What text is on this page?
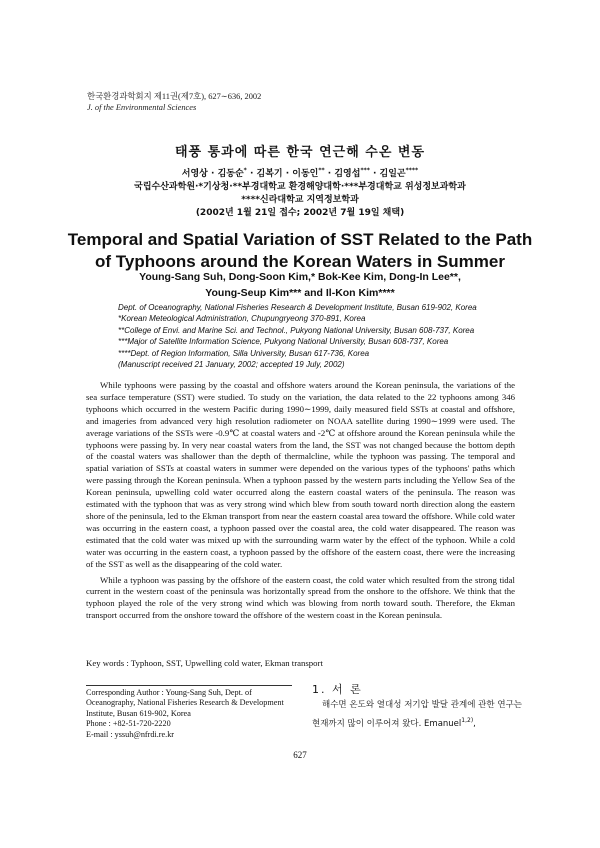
한국환경과학회지 제11권(제7호), 627∼636, 2002
J. of the Environmental Sciences
태풍 통과에 따른 한국 연근해 수온 변동
서영상 · 김동순* · 김복기 · 이동인** · 김영섭*** · 김일곤****
국립수산과학원·*기상청·**부경대학교 환경해양대학·***부경대학교 위성정보과학과
****신라대학교 지역정보학과
(2002년 1월 21일 접수; 2002년 7월 19일 채택)
Temporal and Spatial Variation of SST Related to the Path
of Typhoons around the Korean Waters in Summer
Young-Sang Suh, Dong-Soon Kim,* Bok-Kee Kim, Dong-In Lee**,
Young-Seup Kim*** and Il-Kon Kim****
Dept. of Oceanography, National Fisheries Research & Development Institute, Busan 619-902, Korea
*Korean Meteological Administration, Chupungryeong 370-891, Korea
**College of Envi. and Marine Sci. and Technol., Pukyong National University, Busan 608-737, Korea
***Major of Satellite Information Science, Pukyong National University, Busan 608-737, Korea
****Dept. of Region Information, Silla University, Busan 617-736, Korea
(Manuscript received 21 January, 2002; accepted 19 July, 2002)

While typhoons were passing by the coastal and offshore waters around the Korean peninsula, the variations of the sea surface temperature (SST) were studied. To study on the variation, the data related to the 22 typhoons among 346 typhoons which occurred in the western Pacific during 1990∼1999, daily measured field SSTs at coastal and offshore, and imageries from advanced very high resolution radiometer on NOAA satellite during 1990∼1999 were used. The average variations of the SSTs were -0.9℃ at coastal waters and -2℃ at offshore around the Korean peninsula while the typhoons were passing by. In very near coastal waters from the land, the SST was not changed because the bottom depth of the coastal waters was shallower than the depth of thermalcline, while the typhoon was passing. The temporal and spatial variation of SSTs at coastal waters in summer were depended on the various types of the typhoons' paths which were passing through the Korean peninsula. When a typhoon passed by the western parts including the Yellow Sea of the Korean peninsula, upwelling cold water occurred along the eastern coastal waters of the peninsula. The reason was estimated with the typhoon that was as very strong wind which blew from south toward north direction along the eastern shore of the peninsula, led to the Ekman transport from near the eastern coastal area toward the offshore. While cold water was occurring in the eastern coast, a typhoon passed over the coastal area, the cold water disappeared. The reason was estimated that the cold water was mixed up with the surrounding warm water by the effect of the typhoon. While a cold water was occurring in the eastern coast, a typhoon passed by the offshore of the eastern coast, there were the increasing of the SST as well as the disappearing of the cold water.

While a typhoon was passing by the offshore of the eastern coast, the cold water which resulted from the strong tidal current in the western coast of the peninsula was horizontally spread from the onshore to the offshore. We think that the typhoon played the role of the very strong wind which was blowing from north toward south. Therefore, the Ekman transport occurred from the onshore toward the offshore of the western coast in the Korean peninsula.

Key words : Typhoon, SST, Upwelling cold water, Ekman transport
Corresponding Author : Young-Sang Suh, Dept. of Oceanography, National Fisheries Research & Development Institute, Busan 619-902, Korea
Phone : +82-51-720-2220
E-mail : yssuh@nfrdi.re.kr
1. 서 론
해수면 온도와 열대성 저기압 발달 관계에 관한 연구는 현재까지 많이 이루어져 왔다. Emanuel$^{1,2)}$,
627
